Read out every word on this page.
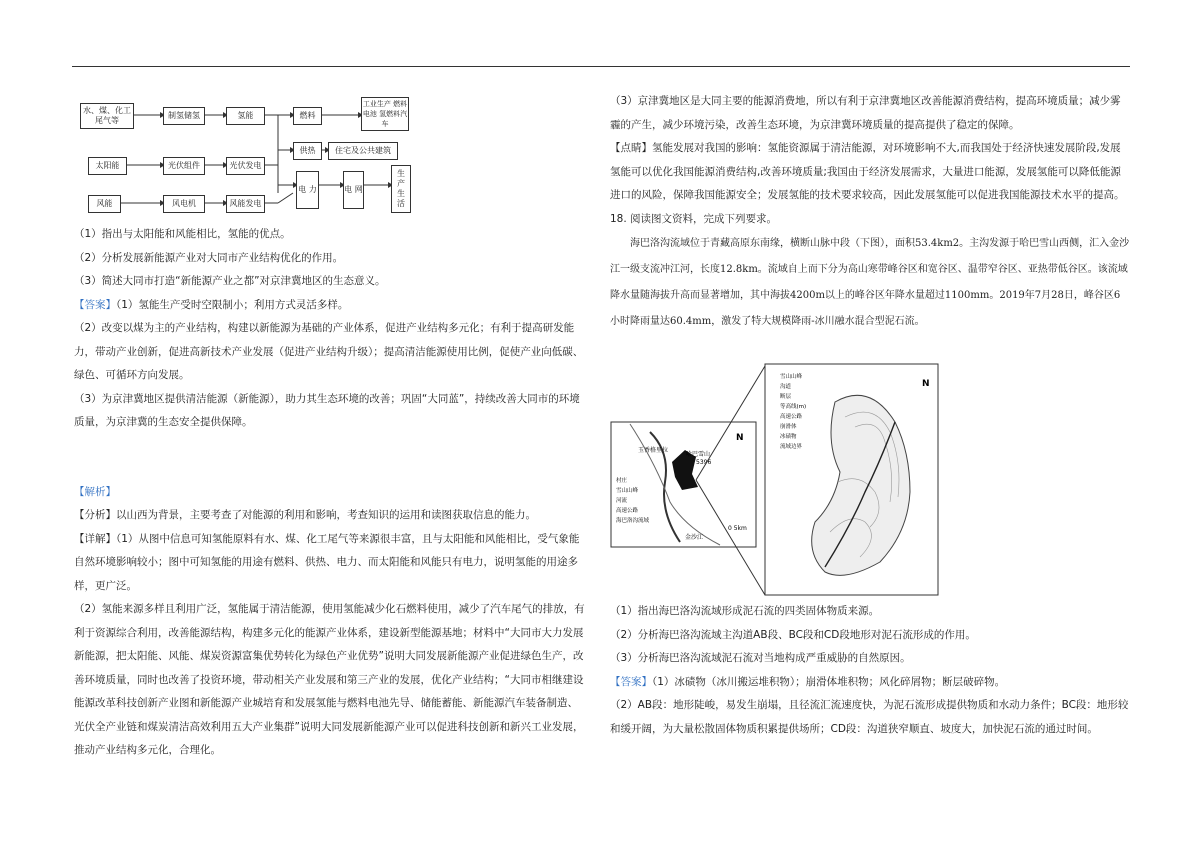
水、煤、化工尾气等
制氢储氢	氢能	燃料
工业生产 燃料电池 氢燃料汽车
供热	住宅及公共建筑
太阳能	光伏组件	光伏发电
风能	风电机	风能发电
电 力	电 网
生 产 生 活

（1）指出与太阳能和风能相比，氢能的优点。

（2）分析发展新能源产业对大同市产业结构优化的作用。

（3）简述大同市打造“新能源产业之都”对京津冀地区的生态意义。

【答案】（1）氢能生产受时空限制小；利用方式灵活多样。

（2）改变以煤为主的产业结构，构建以新能源为基础的产业体系，促进产业结构多元化；有利于提高研发能力，带动产业创新，促进高新技术产业发展（促进产业结构升级）；提高清洁能源使用比例，促使产业向低碳、绿色、可循环方向发展。

（3）为京津冀地区提供清洁能源（新能源），助力其生态环境的改善；巩固“大同蓝”，持续改善大同市的环境质量，为京津冀的生态安全提供保障。

【解析】

【分析】以山西为背景，主要考查了对能源的利用和影响，考查知识的运用和读图获取信息的能力。

【详解】（1）从图中信息可知氢能原料有水、煤、化工尾气等来源很丰富，且与太阳能和风能相比，受气象能自然环境影响较小；图中可知氢能的用途有燃料、供热、电力、而太阳能和风能只有电力，说明氢能的用途多样，更广泛。

（2）氢能来源多样且利用广泛，氢能属于清洁能源，使用氢能减少化石燃料使用，减少了汽车尾气的排放，有利于资源综合利用，改善能源结构，构建多元化的能源产业体系，建设新型能源基地；材料中“大同市大力发展新能源，把太阳能、风能、煤炭资源富集优势转化为绿色产业优势”说明大同发展新能源产业促进绿色生产，改善环境质量，同时也改善了投资环境，带动相关产业发展和第三产业的发展，优化产业结构；“大同市相继建设能源改革科技创新产业图和新能源产业城培育和发展氢能与燃料电池先导、储能蓄能、新能源汽车装备制造、光伏全产业链和煤炭清洁高效利用五大产业集群”说明大同发展新能源产业可以促进科技创新和新兴工业发展，推动产业结构多元化，合理化。

（3）京津冀地区是大同主要的能源消费地，所以有利于京津冀地区改善能源消费结构，提高环境质量；减少雾霾的产生，减少环境污染，改善生态环境，为京津冀环境质量的提高提供了稳定的保障。

【点睛】氢能发展对我国的影响：氢能资源属于清洁能源，对环境影响不大,而我国处于经济快速发展阶段,发展氢能可以优化我国能源消费结构,改善环境质量;我国由于经济发展需求，大量进口能源，发展氢能可以降低能源进口的风险，保障我国能源安全；发展氢能的技术要求较高，因此发展氢能可以促进我国能源技术水平的提高。

18. 阅读图文资料，完成下列要求。

海巴洛沟流域位于青藏高原东南缘，横断山脉中段（下图），面积53.4km2。主沟发源于哈巴雪山西侧，汇入金沙江一级支流冲江河，长度12.8km。流域自上而下分为高山寒带峰谷区和宽谷区、温带窄谷区、亚热带低谷区。该流域降水量随海拔升高而显著增加，其中海拔4200m以上的峰谷区年降水量超过1100mm。2019年7月28日，峰谷区6小时降雨量达60.4mm，激发了特大规模降雨-冰川融水混合型泥石流。

玉香格里拉
哈巴雪山
5396
金沙江
0 5km
N
村庄
雪山山峰
河流
高速公路
海巴洛沟流域
N
雪山山峰
沟道
断层
等高线(m)
高速公路
崩滑体
冰碛物
流域边界

（1）指出海巴洛沟流域形成泥石流的四类固体物质来源。

（2）分析海巴洛沟流域主沟道AB段、BC段和CD段地形对泥石流形成的作用。

（3）分析海巴洛沟流域泥石流对当地构成严重威胁的自然原因。

【答案】（1）冰碛物（冰川搬运堆积物）；崩滑体堆积物；风化碎屑物；断层破碎物。

（2）AB段：地形陡峻，易发生崩塌，且径流汇流速度快，为泥石流形成提供物质和水动力条件；BC段：地形较和缓开阔，为大量松散固体物质积累提供场所；CD段：沟道狭窄顺直、坡度大，加快泥石流的通过时间。
